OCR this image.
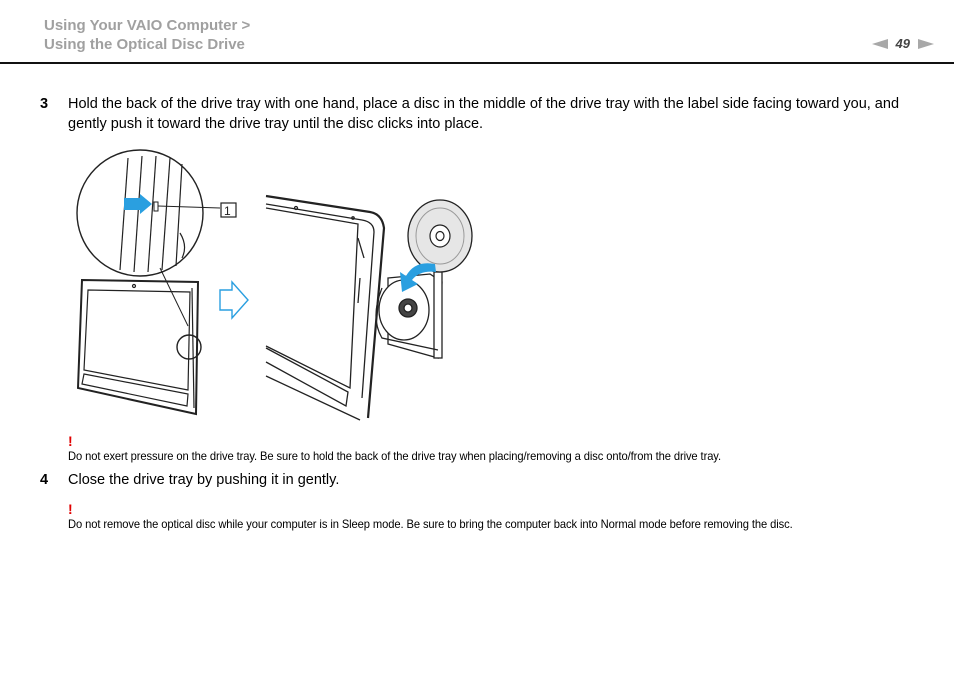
Using Your VAIO Computer >
Using the Optical Disc Drive	49
3	Hold the back of the drive tray with one hand, place a disc in the middle of the drive tray with the label side facing toward you, and gently push it toward the drive tray until the disc clicks into place.
1
!
Do not exert pressure on the drive tray. Be sure to hold the back of the drive tray when placing/removing a disc onto/from the drive tray.
4	Close the drive tray by pushing it in gently.
!
Do not remove the optical disc while your computer is in Sleep mode. Be sure to bring the computer back into Normal mode before removing the disc.
